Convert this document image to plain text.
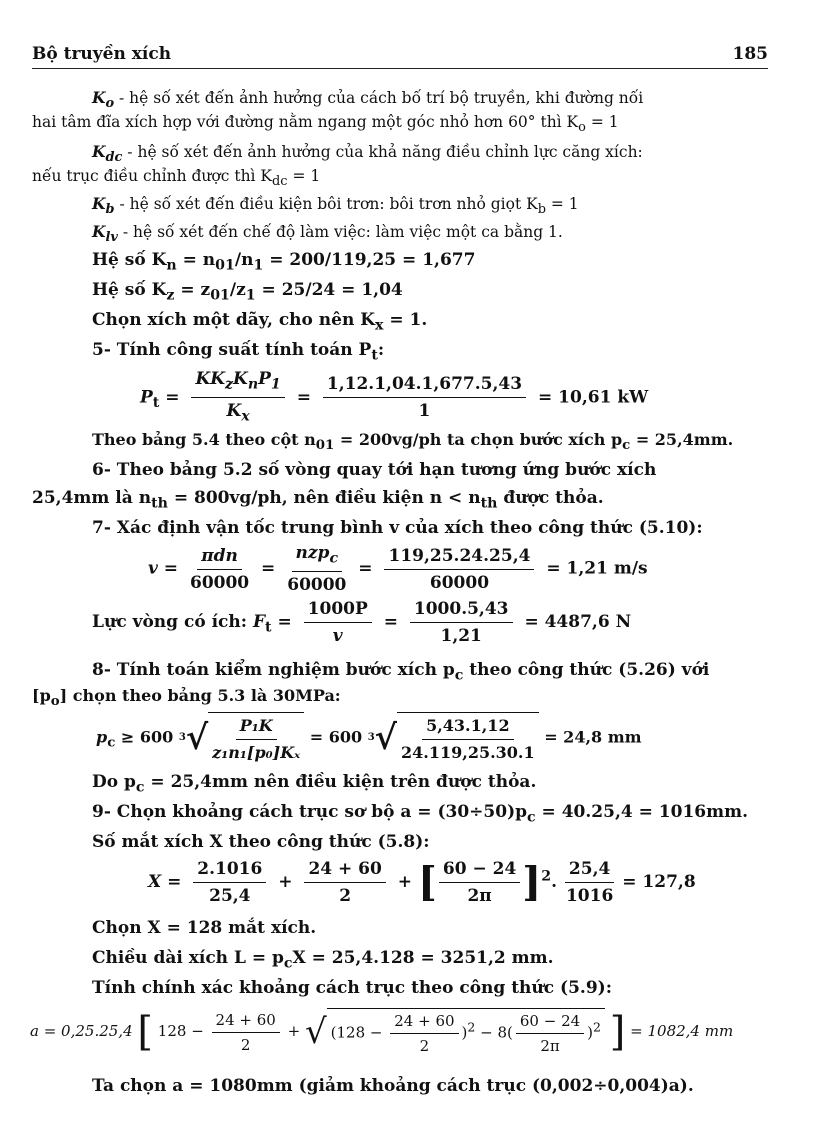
Bộ truyền xích	185
$K_o$ - hệ số xét đến ảnh hưởng của cách bố trí bộ truyền, khi đường nối
hai tâm đĩa xích hợp với đường nằm ngang một góc nhỏ hơn 60° thì $K_o = 1$
$K_{dc}$ - hệ số xét đến ảnh hưởng của khả năng điều chỉnh lực căng xích:
nếu trục điều chỉnh được thì $K_{dc} = 1$
$K_b$ - hệ số xét đến điều kiện bôi trơn: bôi trơn nhỏ giọt $K_b = 1$
$K_{lv}$ - hệ số xét đến chế độ làm việc: làm việc một ca bằng 1.
Hệ số $K_n = n_{01}/n_1 = 200/119,25 = 1,677$
Hệ số $K_z = z_{01}/z_1 = 25/24 = 1,04$
Chọn xích một dãy, cho nên $K_x = 1$.
5- Tính công suất tính toán $P_t$:
$P_t = \frac{KK_zK_nP_1}{K_x} = \frac{1,12.1,04.1,677.5,43}{1} = 10,61$ kW
Theo bảng 5.4 theo cột $n_{01} = 200vg/ph$ ta chọn bước xích $p_c = 25,4mm$.
6- Theo bảng 5.2 số vòng quay tới hạn tương ứng bước xích
25,4mm là $n_{th} = 800vg/ph$, nên điều kiện $n < n_{th}$ được thỏa.
7- Xác định vận tốc trung bình v của xích theo công thức (5.10):
$v = \frac{\text{πdn}}{60000} = \frac{nzp_c}{60000} = \frac{119,25.24.25,4}{60000} = 1,21$ m/s
Lực vòng có ích: $F_t = \frac{1000P}{v} = \frac{1000.5,43}{1,21} = 4487,6$ N
8- Tính toán kiểm nghiệm bước xích $p_c$ theo công thức (5.26) với
$[p_o]$ chọn theo bảng 5.3 là 30MPa:
$p_c \ge 600$ 3 √ $\frac{\text{P₁K}}{\text{z₁n₁[p₀]Kₓ}} = 600$ 3 √ $\frac{5,43.1,12}{24.119,25.30.1} = 24,8$ mm
Do $p_c = 25,4mm$ nên điều kiện trên được thỏa.
9- Chọn khoảng cách trục sơ bộ $a = (30\div 50)p_c = 40.25,4 = 1016mm$.
Số mắt xích X theo công thức (5.8):
$X = \frac{2.1016}{25,4} + \frac{24 + 60}{2}$ + [ $\frac{60 - 24}{2\pi} ]^2$. $\frac{25,4}{1016} = 127,8$
Chọn X = 128 mắt xích.
Chiều dài xích $L = p_cX = 25,4.128 = 3251,2$ mm.
Tính chính xác khoảng cách trục theo công thức (5.9):
a = 0,25.25,4 [ $128 - \frac{24 + 60}{2}$ + √ $(128 - \frac{24 + 60}{2} )^2 - 8( \frac{60 - 24}{2\pi} )^2$ ] = 1082,4 mm
Ta chọn a = 1080mm (giảm khoảng cách trục (0,002÷0,004)a).
